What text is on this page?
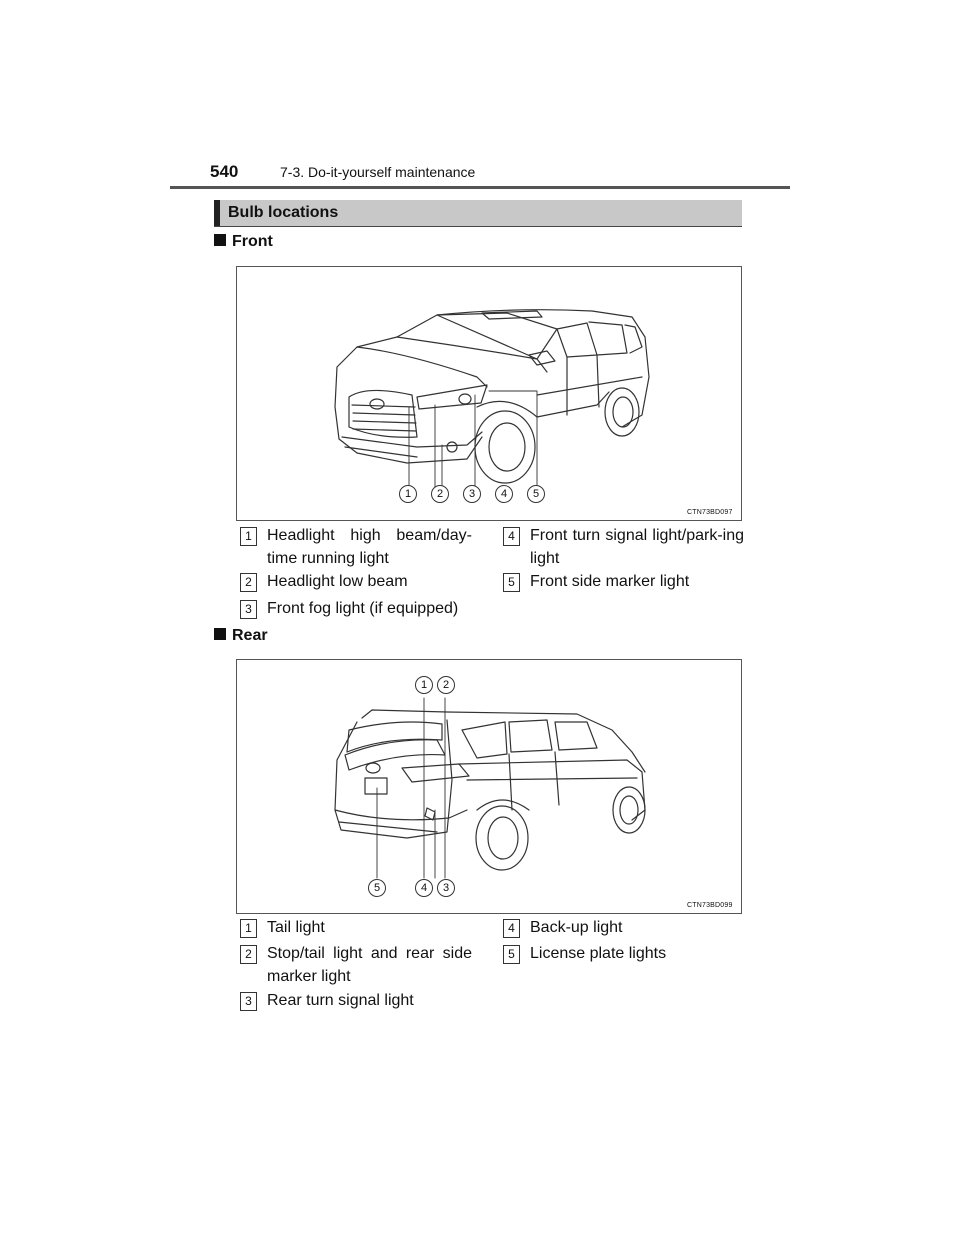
540	7-3. Do-it-yourself maintenance
Bulb locations
Front
1	2	3	4	5
CTN73BD097
1 Headlight high beam/day-time running light
2 Headlight low beam
3 Front fog light (if equipped)
4 Front turn signal light/park-ing light
5 Front side marker light
Rear
1	2
5	4	3
CTN73BD099
1 Tail light
2 Stop/tail light and rear side marker light
3 Rear turn signal light
4 Back-up light
5 License plate lights
